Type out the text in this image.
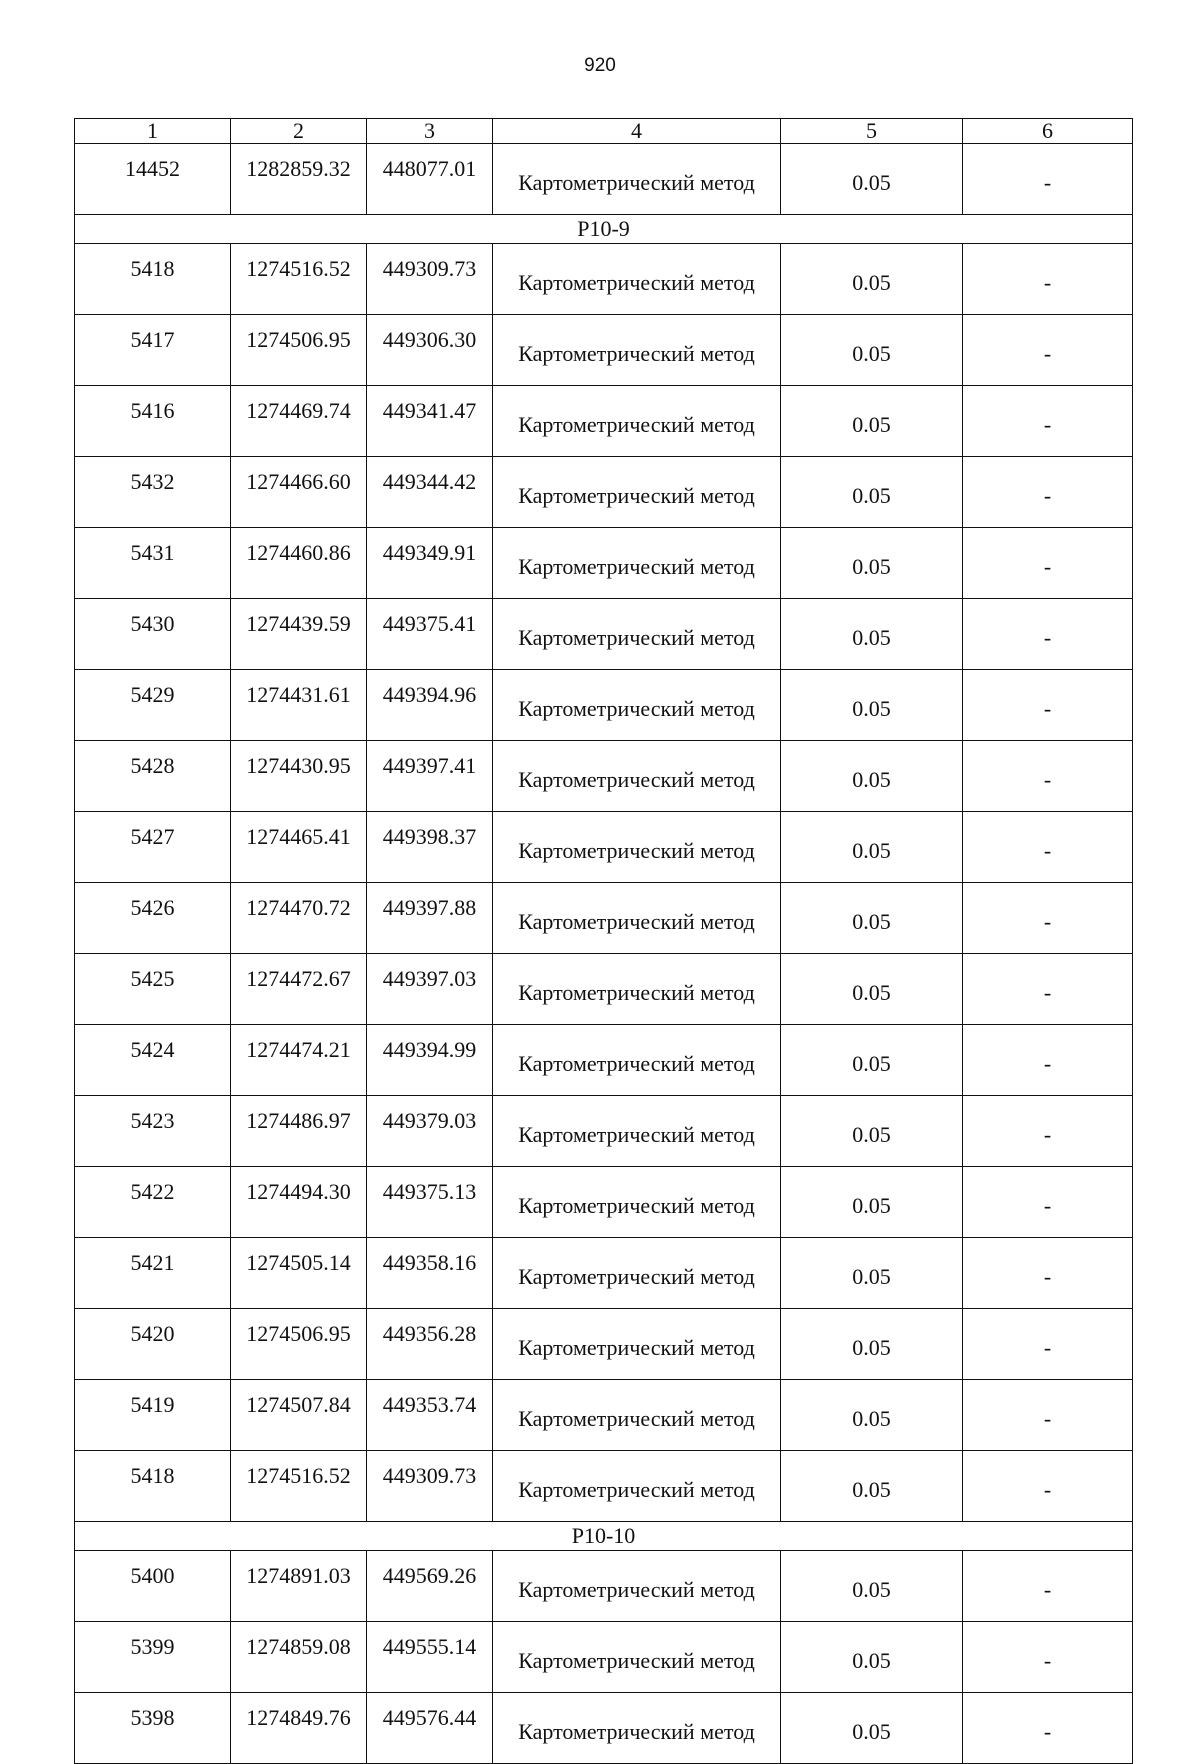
920
1	2	3	4	5	6
14452	1282859.32	448077.01	Картометрический метод	0.05	-
Р10-9					
5418	1274516.52	449309.73	Картометрический метод	0.05	-
5417	1274506.95	449306.30	Картометрический метод	0.05	-
5416	1274469.74	449341.47	Картометрический метод	0.05	-
5432	1274466.60	449344.42	Картометрический метод	0.05	-
5431	1274460.86	449349.91	Картометрический метод	0.05	-
5430	1274439.59	449375.41	Картометрический метод	0.05	-
5429	1274431.61	449394.96	Картометрический метод	0.05	-
5428	1274430.95	449397.41	Картометрический метод	0.05	-
5427	1274465.41	449398.37	Картометрический метод	0.05	-
5426	1274470.72	449397.88	Картометрический метод	0.05	-
5425	1274472.67	449397.03	Картометрический метод	0.05	-
5424	1274474.21	449394.99	Картометрический метод	0.05	-
5423	1274486.97	449379.03	Картометрический метод	0.05	-
5422	1274494.30	449375.13	Картометрический метод	0.05	-
5421	1274505.14	449358.16	Картометрический метод	0.05	-
5420	1274506.95	449356.28	Картометрический метод	0.05	-
5419	1274507.84	449353.74	Картометрический метод	0.05	-
5418	1274516.52	449309.73	Картометрический метод	0.05	-
Р10-10					
5400	1274891.03	449569.26	Картометрический метод	0.05	-
5399	1274859.08	449555.14	Картометрический метод	0.05	-
5398	1274849.76	449576.44	Картометрический метод	0.05	-
